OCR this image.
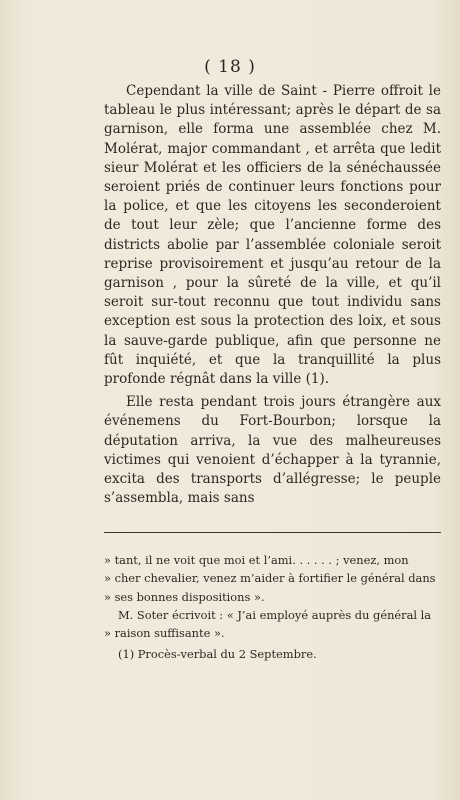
( 18 )

Cependant la ville de Saint - Pierre offroit le tableau le plus intéressant; après le départ de sa garnison, elle forma une assemblée chez M. Molérat, major commandant , et arrêta que ledit sieur Molérat et les officiers de la sénéchaussée seroient priés de continuer leurs fonctions pour la police, et que les citoyens les seconderoient de tout leur zèle; que l’ancienne forme des districts abolie par l’assemblée coloniale seroit reprise provisoirement et jusqu’au retour de la garnison , pour la sûreté de la ville, et qu’il seroit sur-tout reconnu que tout individu sans exception est sous la protection des loix, et sous la sauve-garde publique, afin que personne ne fût inquiété, et que la tranquillité la plus profonde régnât dans la ville (1).

Elle resta pendant trois jours étrangère aux événemens du Fort-Bourbon; lorsque la députation arriva, la vue des malheureuses victimes qui venoient d’échapper à la tyrannie, excita des transports d’allégresse; le peuple s’assembla, mais sans

» tant, il ne voit que moi et l’ami. . . . . . ; venez, mon

» cher chevalier, venez m’aider à fortifier le général dans

» ses bonnes dispositions ».

M. Soter écrivoit : « J’ai employé auprès du général la

» raison suffisante ».

(1) Procès-verbal du 2 Septembre.
